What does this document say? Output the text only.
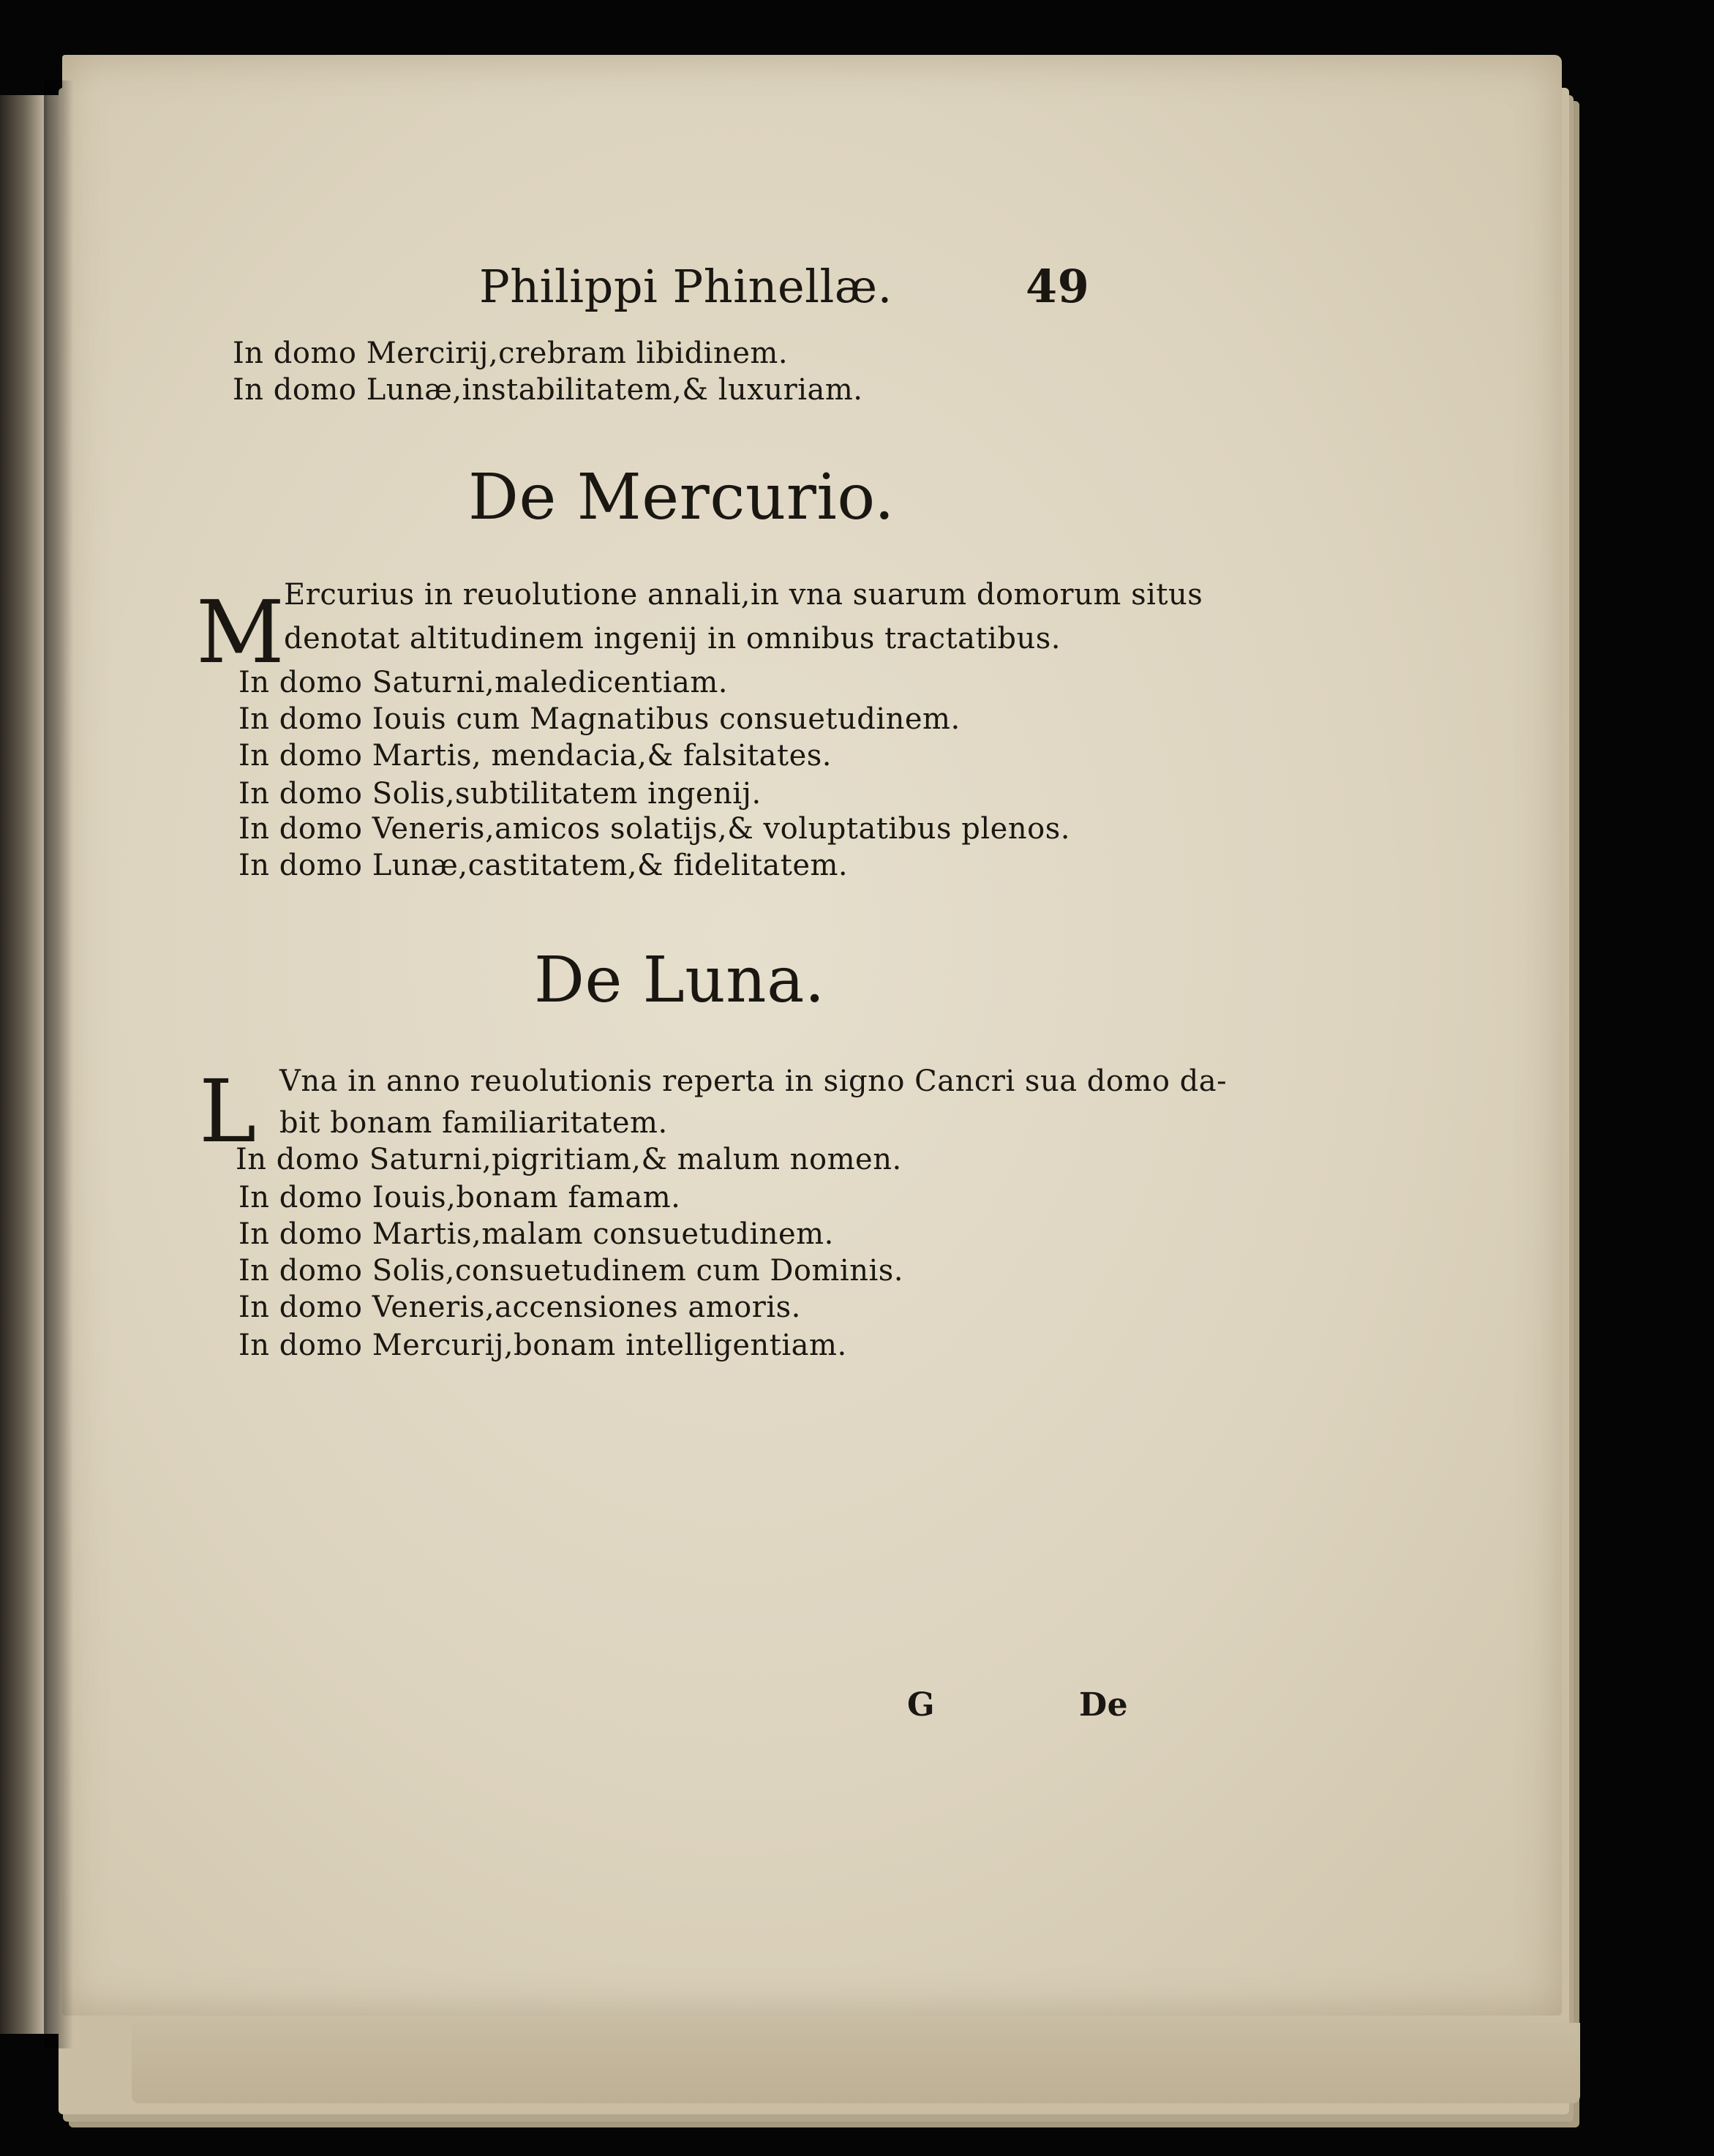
Philippi Phinellæ.	49
In domo Mercirij,crebram libidinem.
In domo Lunæ,instabilitatem,& luxuriam.
De Mercurio.
M Ercurius in reuolutione annali,in vna suarum domorum situs
denotat altitudinem ingenij in omnibus tractatibus.
In domo Saturni,maledicentiam.
In domo Iouis cum Magnatibus consuetudinem.
In domo Martis, mendacia,& falsitates.
In domo Solis,subtilitatem ingenij.
In domo Veneris,amicos solatijs,& voluptatibus plenos.
In domo Lunæ,castitatem,& fidelitatem.
De Luna.
L Vna in anno reuolutionis reperta in signo Cancri sua domo da-
bit bonam familiaritatem.
In domo Saturni,pigritiam,& malum nomen.
In domo Iouis,bonam famam.
In domo Martis,malam consuetudinem.
In domo Solis,consuetudinem cum Dominis.
In domo Veneris,accensiones amoris.
In domo Mercurij,bonam intelligentiam.
G	De
